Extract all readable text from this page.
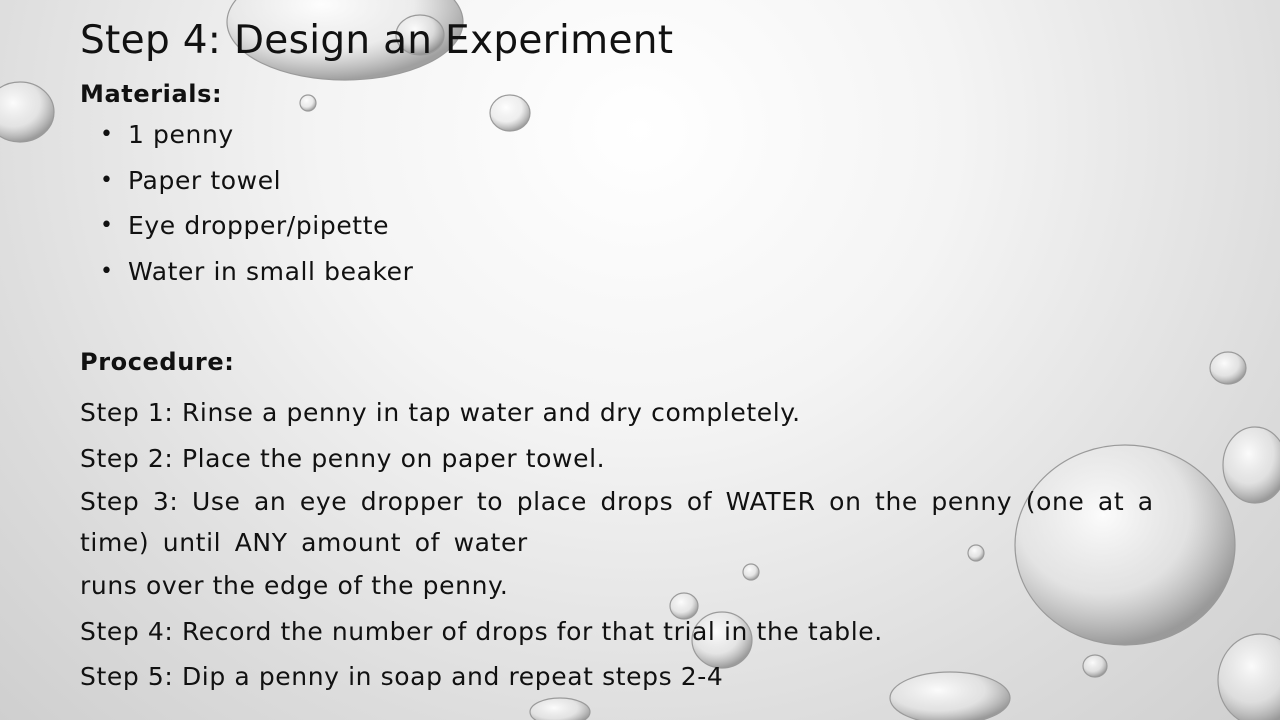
Step 4: Design an Experiment
Materials:
• 1 penny
• Paper towel
• Eye dropper/pipette
• Water in small beaker
Procedure:
Step 1: Rinse a penny in tap water and dry completely.
Step 2: Place the penny on paper towel.
Step 3: Use an eye dropper to place drops of WATER on the penny (one at a time) until ANY amount of water
runs over the edge of the penny.
Step 4: Record the number of drops for that trial in the table.
Step 5: Dip a penny in soap and repeat steps 2-4
